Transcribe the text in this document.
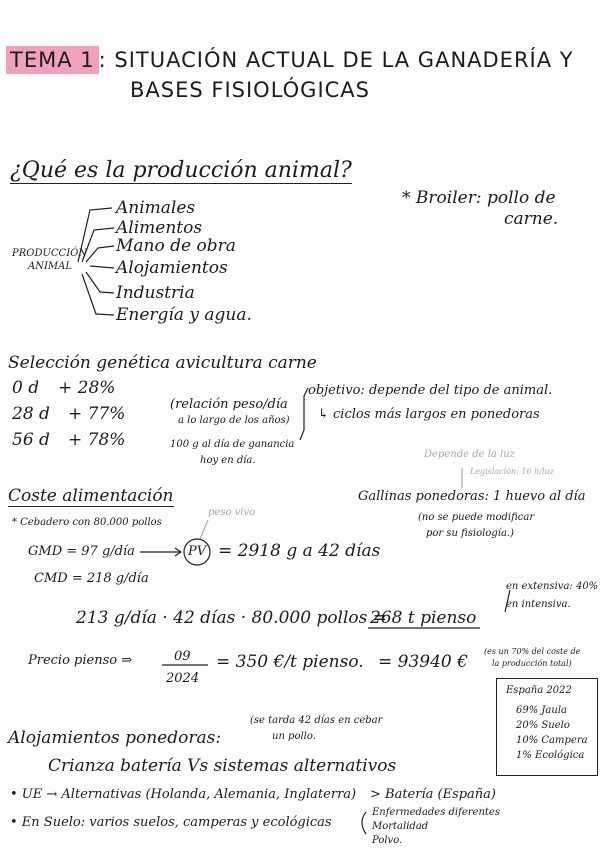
TEMA 1 : SITUACIÓN ACTUAL DE LA GANADERÍA Y
BASES FISIOLÓGICAS
¿Qué es la producción animal?
* Broiler: pollo de
carne.
PRODUCCIÓN
ANIMAL
Animales
Alimentos
Mano de obra
Alojamientos
Industria
Energía y agua.
Selección genética avicultura carne
0 d + 28%
28 d + 77%
56 d + 78%
(relación peso/día
a lo largo de los años)
100 g al día de ganancia
hoy en día.
objetivo: depende del tipo de animal.
↳ ciclos más largos en ponedoras
Depende de la luz
Legislación: 16 h/luz
Coste alimentación
* Cebadero con 80.000 pollos
peso vivo
GMD = 97 g/día	PV = 2918 g a 42 días
CMD = 218 g/día
Gallinas ponedoras: 1 huevo al día
(no se puede modificar
por su fisiología.)
en extensiva: 40%
en intensiva.
213 g/día · 42 días · 80.000 pollos =
268 t pienso
Precio pienso ⇒	09
2024
= 350 €/t pienso. = 93940 €
(es un 70% del coste de
la producción total)
España 2022
69% Jaula
20% Suelo
10% Campera
1% Ecológica
Alojamientos ponedoras:
(se tarda 42 días en cebar
un pollo.
Crianza batería Vs sistemas alternativos
• UE → Alternativas (Holanda, Alemania, Inglaterra) > Batería (España)
• En Suelo: varios suelos, camperas y ecológicas
Enfermedades diferentes
Mortalidad
Polvo.
